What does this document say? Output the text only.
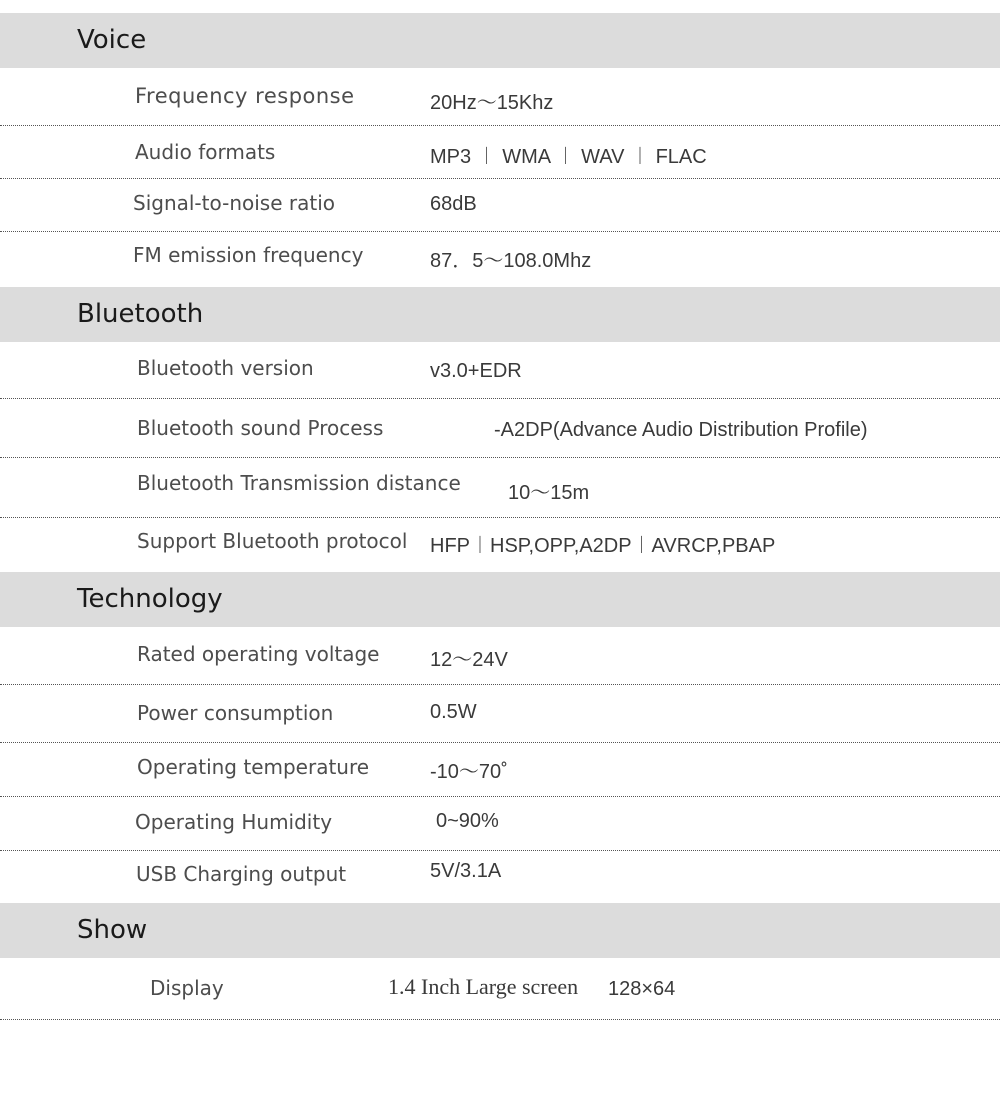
Voice
Frequency response	20Hz～15Khz
Audio formats	MP3 ︱ WMA ︱ WAV ︱ FLAC
Signal-to-noise ratio	68dB
FM emission frequency	87．5～108.0Mhz
Bluetooth
Bluetooth version	v3.0+EDR
Bluetooth sound Process	-A2DP(Advance Audio Distribution Profile)
Bluetooth Transmission distance 10～15m
Support Bluetooth protocol HFP︱HSP,OPP,A2DP︱AVRCP,PBAP
Technology
Rated operating voltage	12～24V
Power consumption	0.5W
Operating temperature	-10～70˚
Operating Humidity	0~90%
USB Charging output	5V/3.1A
Show
Display	1.4 Inch Large screen 128×64
